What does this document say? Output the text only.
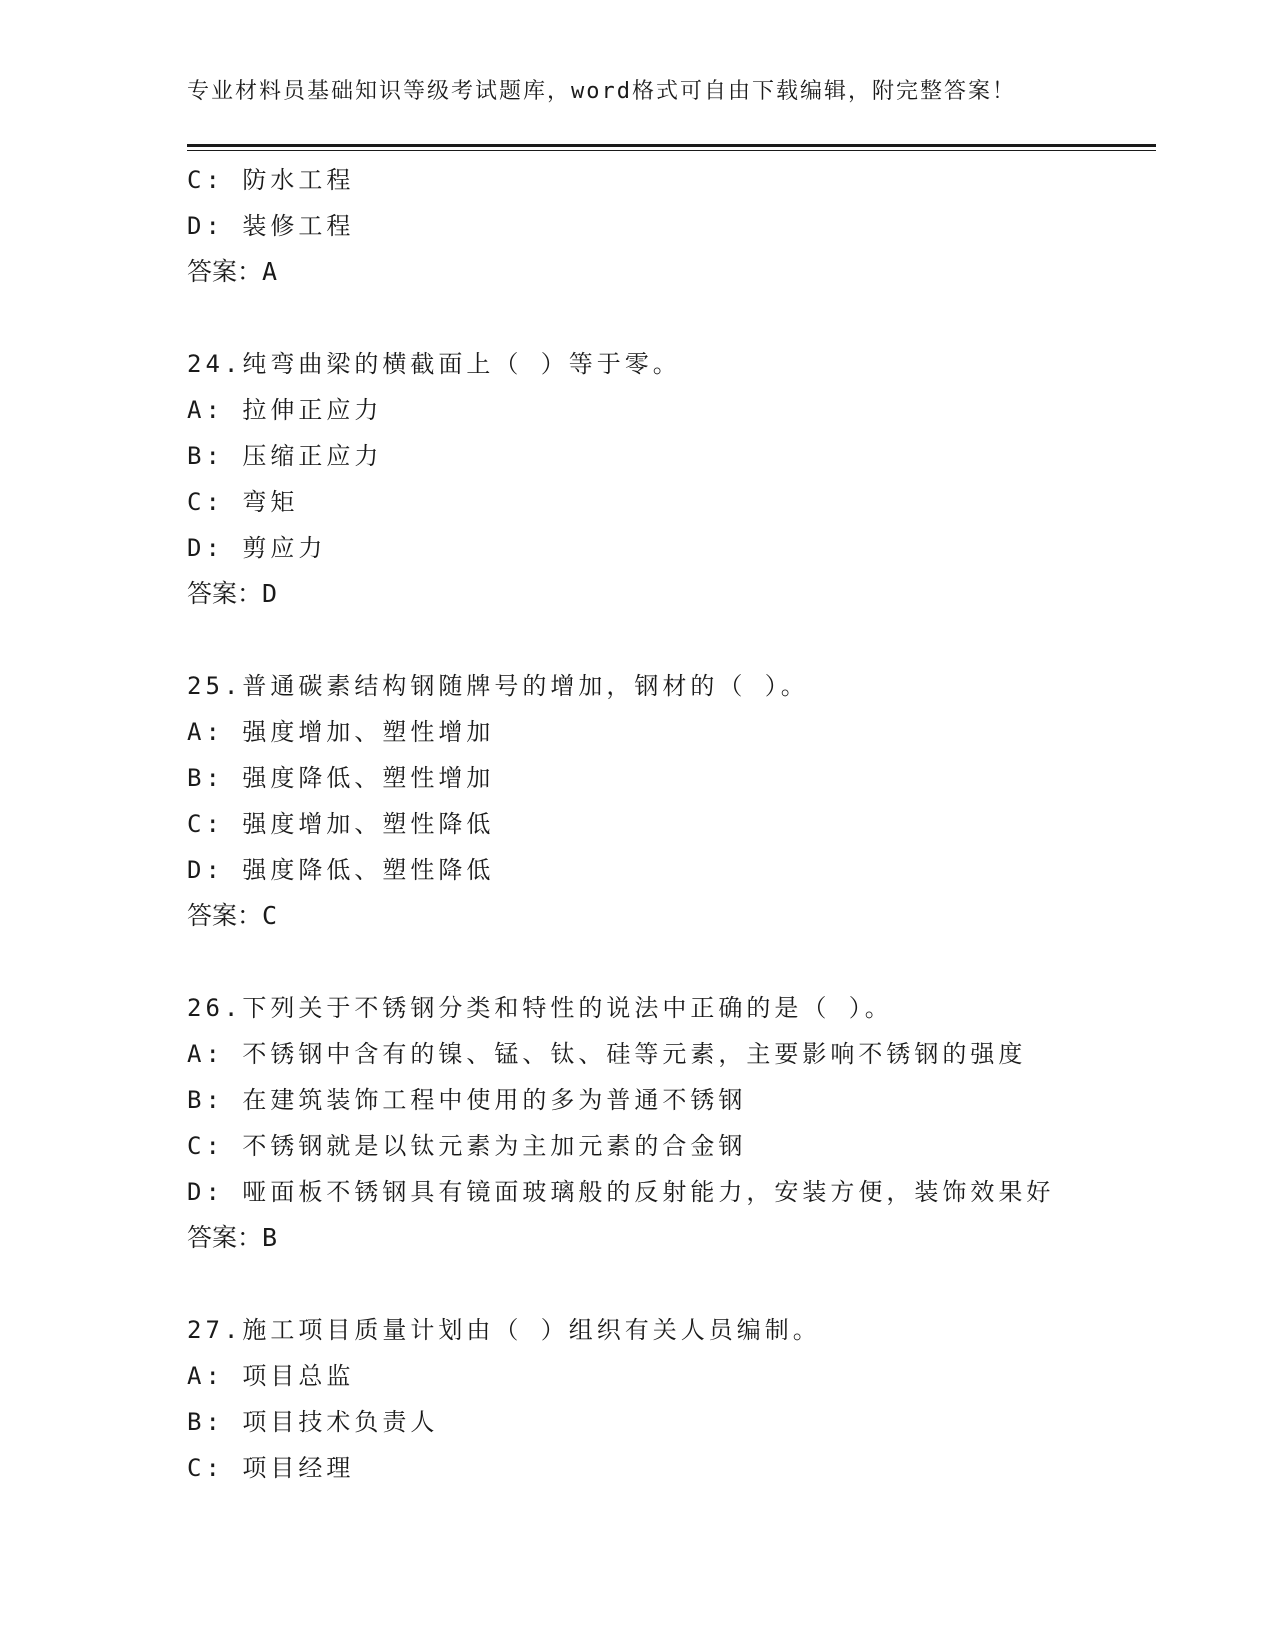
专业材料员基础知识等级考试题库，word格式可自由下载编辑，附完整答案！
C: 防水工程
D: 装修工程
答案：A
24.纯弯曲梁的横截面上（ ）等于零。
A: 拉伸正应力
B: 压缩正应力
C: 弯矩
D: 剪应力
答案：D
25.普通碳素结构钢随牌号的增加，钢材的（ ）。
A: 强度增加、塑性增加
B: 强度降低、塑性增加
C: 强度增加、塑性降低
D: 强度降低、塑性降低
答案：C
26.下列关于不锈钢分类和特性的说法中正确的是（ ）。
A: 不锈钢中含有的镍、锰、钛、硅等元素，主要影响不锈钢的强度
B: 在建筑装饰工程中使用的多为普通不锈钢
C: 不锈钢就是以钛元素为主加元素的合金钢
D: 哑面板不锈钢具有镜面玻璃般的反射能力，安装方便，装饰效果好
答案：B
27.施工项目质量计划由（ ）组织有关人员编制。
A: 项目总监
B: 项目技术负责人
C: 项目经理
